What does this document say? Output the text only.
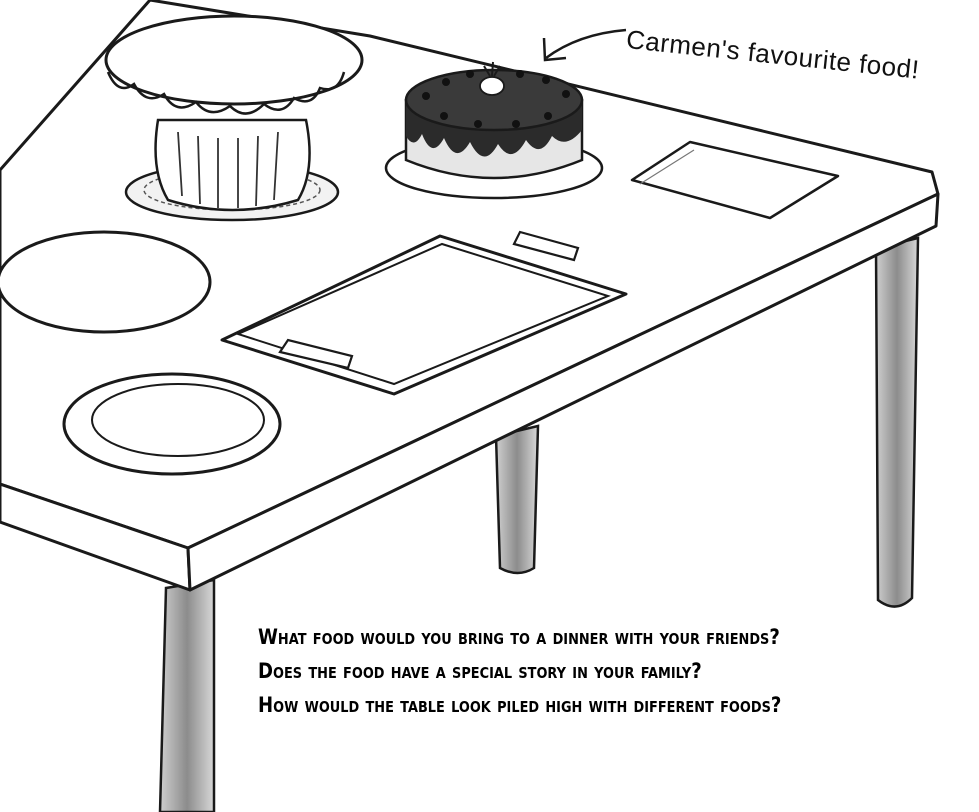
Carmen's favourite food!
What food would you bring to a dinner with your friends?
Does the food have a special story in your family?
How would the table look piled high with different foods?
